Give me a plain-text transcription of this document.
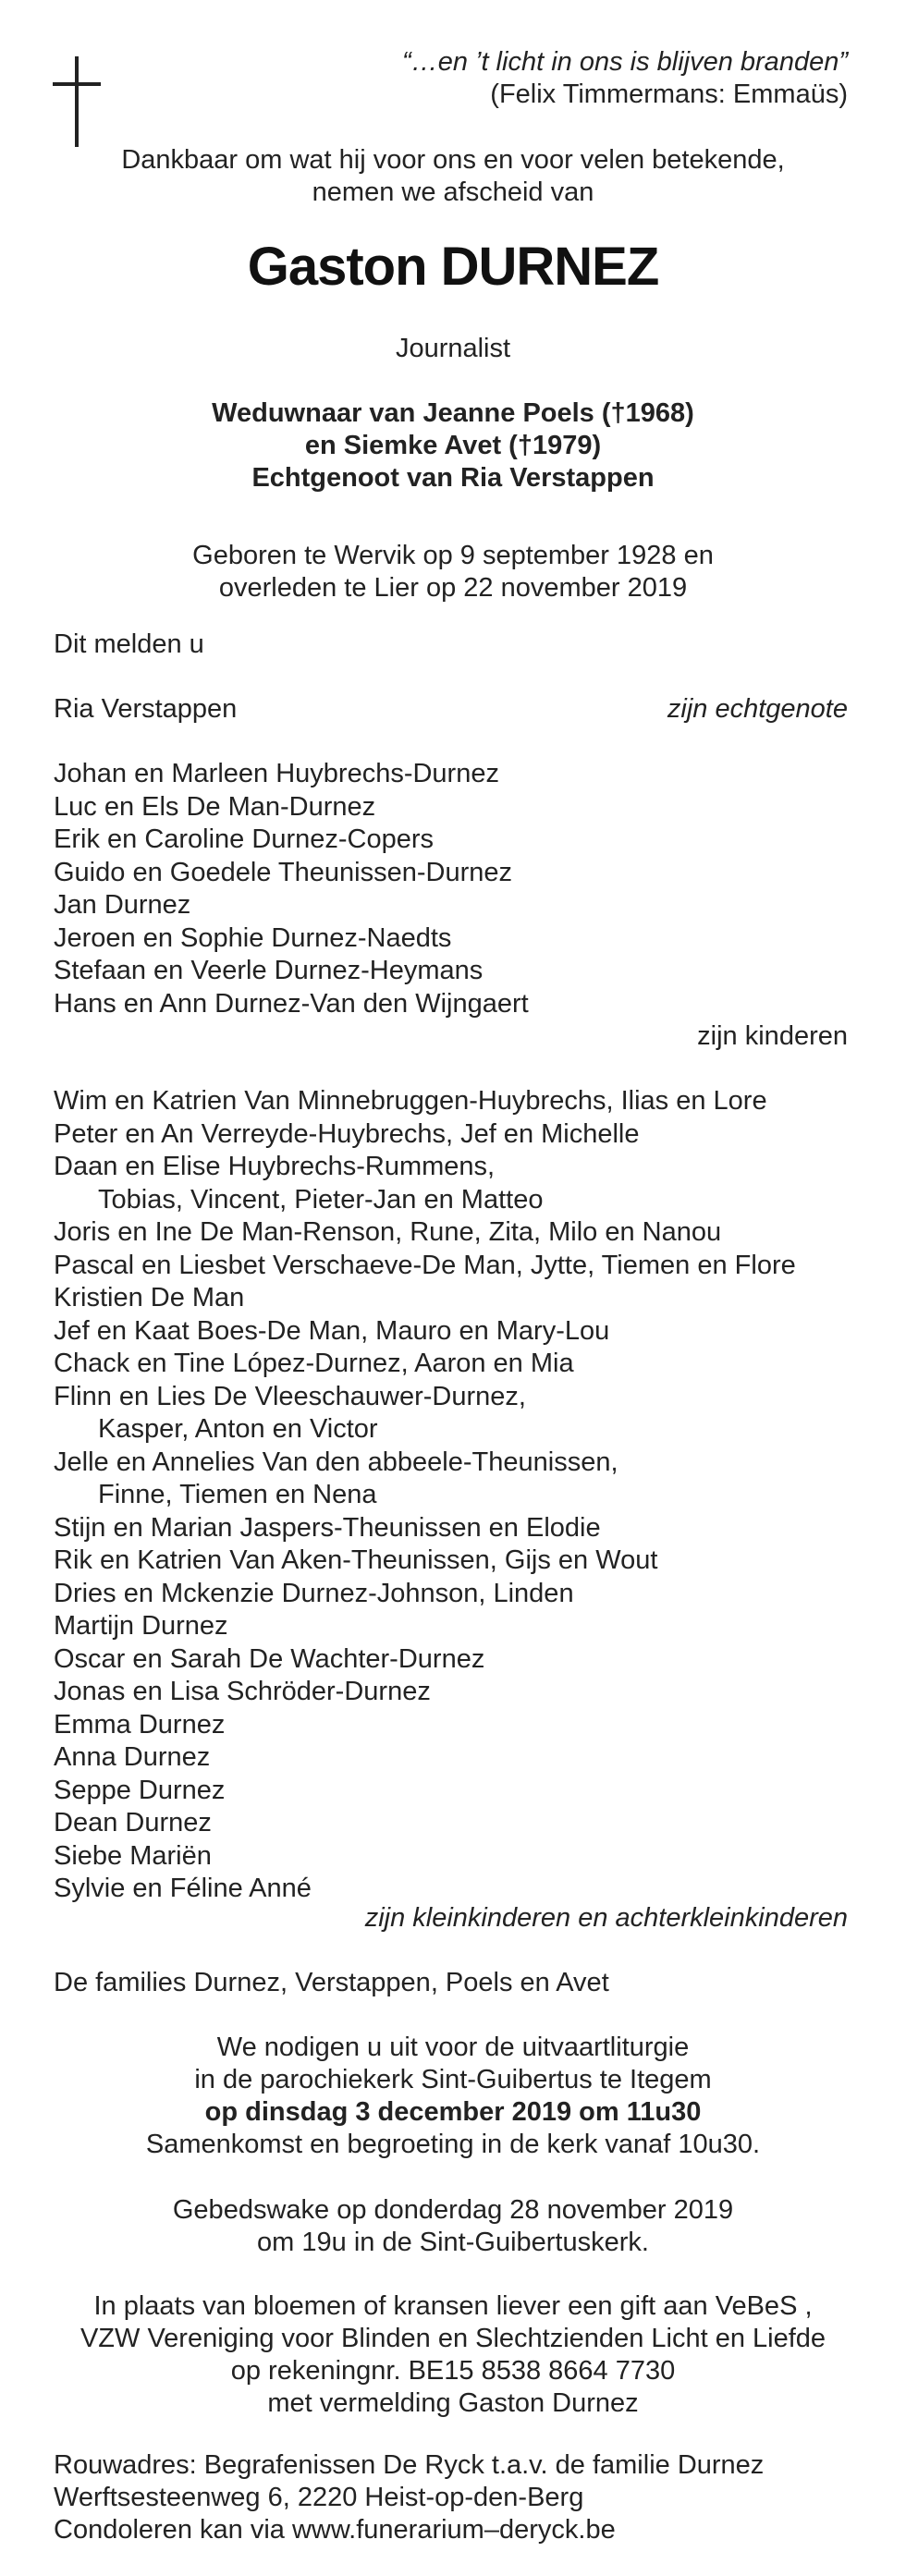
“…en ’t licht in ons is blijven branden”
(Felix Timmermans: Emmaüs)
Dankbaar om wat hij voor ons en voor velen betekende,
nemen we afscheid van
Gaston DURNEZ
Journalist
Weduwnaar van Jeanne Poels (†1968)
en Siemke Avet (†1979)
Echtgenoot van Ria Verstappen
Geboren te Wervik op 9 september 1928 en
overleden te Lier op 22 november 2019
Dit melden u
Ria Verstappen	zijn echtgenote
Johan en Marleen Huybrechs-Durnez
Luc en Els De Man-Durnez
Erik en Caroline Durnez-Copers
Guido en Goedele Theunissen-Durnez
Jan Durnez
Jeroen en Sophie Durnez-Naedts
Stefaan en Veerle Durnez-Heymans
Hans en Ann Durnez-Van den Wijngaert
zijn kinderen
Wim en Katrien Van Minnebruggen-Huybrechs, Ilias en Lore
Peter en An Verreyde-Huybrechs, Jef en Michelle
Daan en Elise Huybrechs-Rummens,
Tobias, Vincent, Pieter-Jan en Matteo
Joris en Ine De Man-Renson, Rune, Zita, Milo en Nanou
Pascal en Liesbet Verschaeve-De Man, Jytte, Tiemen en Flore
Kristien De Man
Jef en Kaat Boes-De Man, Mauro en Mary-Lou
Chack en Tine López-Durnez, Aaron en Mia
Flinn en Lies De Vleeschauwer-Durnez,
Kasper, Anton en Victor
Jelle en Annelies Van den abbeele-Theunissen,
Finne, Tiemen en Nena
Stijn en Marian Jaspers-Theunissen en Elodie
Rik en Katrien Van Aken-Theunissen, Gijs en Wout
Dries en Mckenzie Durnez-Johnson, Linden
Martijn Durnez
Oscar en Sarah De Wachter-Durnez
Jonas en Lisa Schröder-Durnez
Emma Durnez
Anna Durnez
Seppe Durnez
Dean Durnez
Siebe Mariën
Sylvie en Féline Anné
zijn kleinkinderen en achterkleinkinderen
De families Durnez, Verstappen, Poels en Avet
We nodigen u uit voor de uitvaartliturgie
in de parochiekerk Sint-Guibertus te Itegem
op dinsdag 3 december 2019 om 11u30
Samenkomst en begroeting in de kerk vanaf 10u30.
Gebedswake op donderdag 28 november 2019
om 19u in de Sint-Guibertuskerk.
In plaats van bloemen of kransen liever een gift aan VeBeS ,
VZW Vereniging voor Blinden en Slechtzienden Licht en Liefde
op rekeningnr. BE15 8538 8664 7730
met vermelding Gaston Durnez
Rouwadres: Begrafenissen De Ryck t.a.v. de familie Durnez
Werftsesteenweg 6, 2220 Heist-op-den-Berg
Condoleren kan via www.funerarium–deryck.be
